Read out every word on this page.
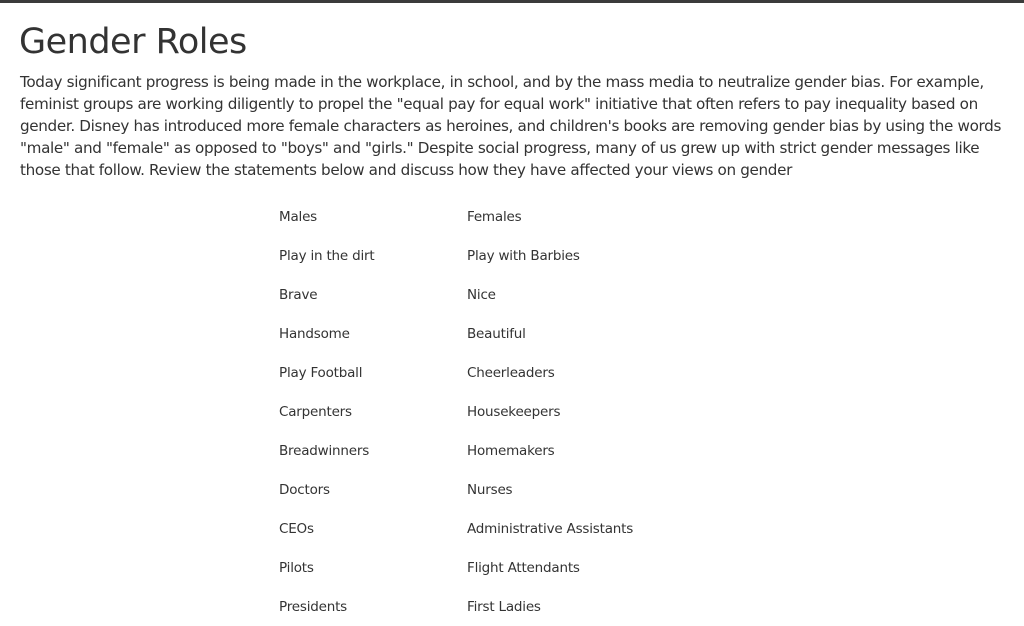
Gender Roles

Today significant progress is being made in the workplace, in school, and by the mass media to neutralize gender bias. For example, feminist groups are working diligently to propel the "equal pay for equal work" initiative that often refers to pay inequality based on gender. Disney has introduced more female characters as heroines, and children's books are removing gender bias by using the words "male" and "female" as opposed to "boys" and "girls." Despite social progress, many of us grew up with strict gender messages like those that follow. Review the statements below and discuss how they have affected your views on gender

Males	Females
Play in the dirt	Play with Barbies
Brave	Nice
Handsome	Beautiful
Play Football	Cheerleaders
Carpenters	Housekeepers
Breadwinners	Homemakers
Doctors	Nurses
CEOs	Administrative Assistants
Pilots	Flight Attendants
Presidents	First Ladies
